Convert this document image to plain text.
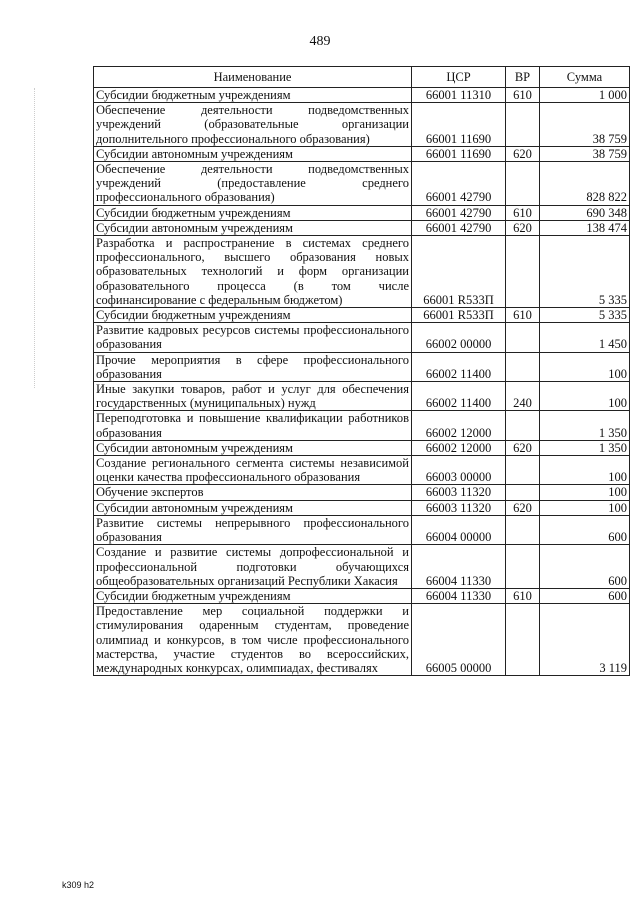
489
Наименование	ЦСР	ВР	Сумма
Субсидии бюджетным учреждениям	66001 11310	610	1 000
Обеспечение деятельности подведомственных учреждений (образовательные организации дополнительного профессионального образования)	66001 11690		38 759
Субсидии автономным учреждениям	66001 11690	620	38 759
Обеспечение деятельности подведомственных учреждений (предоставление среднего профессионального образования)	66001 42790		828 822
Субсидии бюджетным учреждениям	66001 42790	610	690 348
Субсидии автономным учреждениям	66001 42790	620	138 474
Разработка и распространение в системах среднего профессионального, высшего образования новых образовательных технологий и форм организации образовательного процесса (в том числе софинансирование с федеральным бюджетом)	66001 R533П		5 335
Субсидии бюджетным учреждениям	66001 R533П	610	5 335
Развитие кадровых ресурсов системы профессионального образования	66002 00000		1 450
Прочие мероприятия в сфере профессионального образования	66002 11400		100
Иные закупки товаров, работ и услуг для обеспечения государственных (муниципальных) нужд	66002 11400	240	100
Переподготовка и повышение квалификации работников образования	66002 12000		1 350
Субсидии автономным учреждениям	66002 12000	620	1 350
Создание регионального сегмента системы независимой оценки качества профессионального образования	66003 00000		100
Обучение экспертов	66003 11320		100
Субсидии автономным учреждениям	66003 11320	620	100
Развитие системы непрерывного профессионального образования	66004 00000		600
Создание и развитие системы допрофессиональной и профессиональной подготовки обучающихся общеобразовательных организаций Республики Хакасия	66004 11330		600
Субсидии бюджетным учреждениям	66004 11330	610	600
Предоставление мер социальной поддержки и стимулирования одаренным студентам, проведение олимпиад и конкурсов, в том числе профессионального мастерства, участие студентов во всероссийских, международных конкурсах, олимпиадах, фестивалях	66005 00000		3 119
k309 h2
